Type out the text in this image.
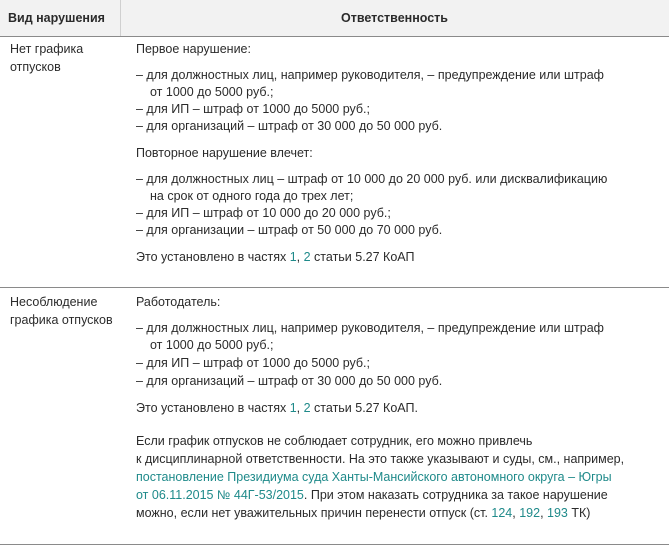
Вид нарушения	Ответственность
Нет графика
отпусков
Первое нарушение:
– для должностных лиц, например руководителя, – предупреждение или штраф
от 1000 до 5000 руб.;
– для ИП – штраф от 1000 до 5000 руб.;
– для организаций – штраф от 30 000 до 50 000 руб.
Повторное нарушение влечет:
– для должностных лиц – штраф от 10 000 до 20 000 руб. или дисквалификацию
на срок от одного года до трех лет;
– для ИП – штраф от 10 000 до 20 000 руб.;
– для организации – штраф от 50 000 до 70 000 руб.
Это установлено в частях 1, 2 статьи 5.27 КоАП
Несоблюдение
графика отпусков
Работодатель:
– для должностных лиц, например руководителя, – предупреждение или штраф
от 1000 до 5000 руб.;
– для ИП – штраф от 1000 до 5000 руб.;
– для организаций – штраф от 30 000 до 50 000 руб.
Это установлено в частях 1, 2 статьи 5.27 КоАП.
Если график отпусков не соблюдает сотрудник, его можно привлечь
к дисциплинарной ответственности. На это также указывают и суды, см., например,
постановление Президиума суда Ханты-Мансийского автономного округа – Югры
от 06.11.2015 № 44Г-53/2015. При этом наказать сотрудника за такое нарушение
можно, если нет уважительных причин перенести отпуск (ст. 124, 192, 193 ТК)
